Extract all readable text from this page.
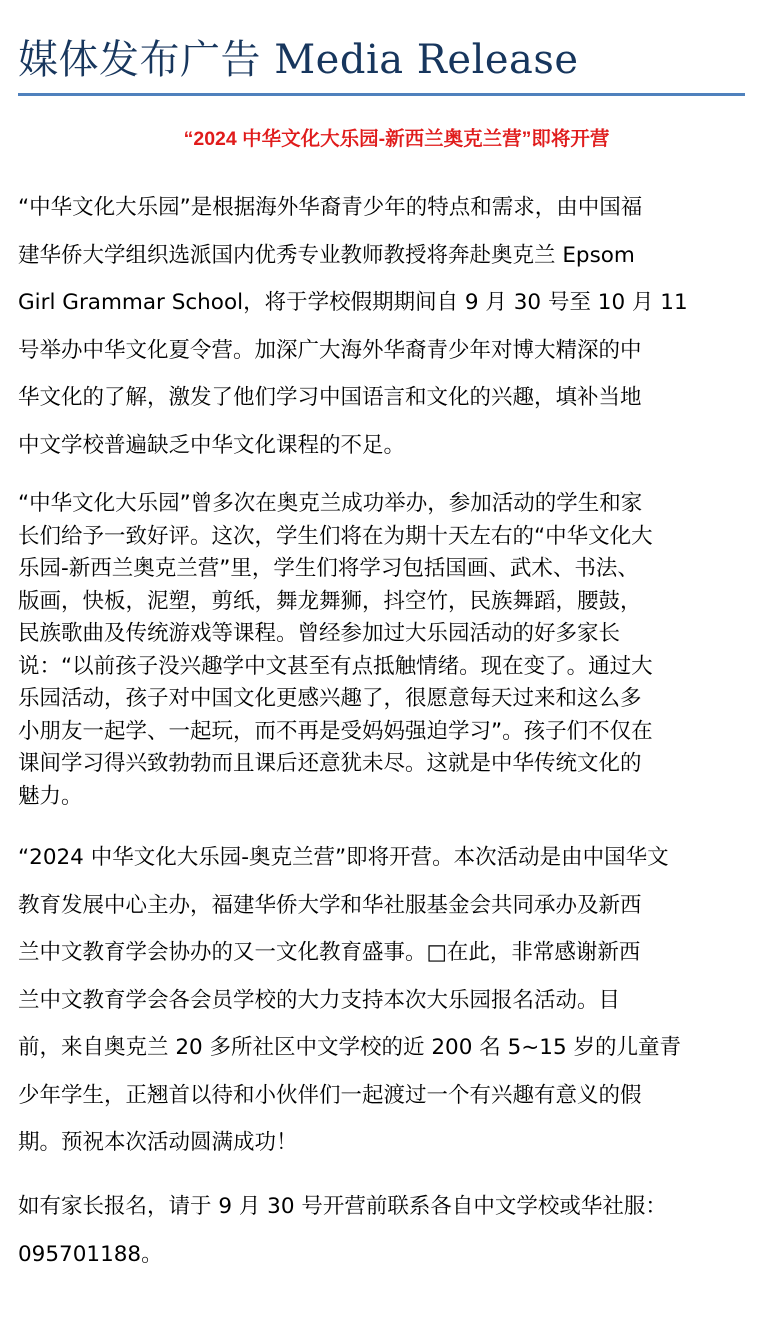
媒体发布广告 Media Release
“2024 中华文化大乐园-新西兰奥克兰营”即将开营
“中华文化大乐园”是根据海外华裔青少年的特点和需求，由中国福
建华侨大学组织选派国内优秀专业教师教授将奔赴奥克兰 Epsom
Girl Grammar School，将于学校假期期间自 9 月 30 号至 10 月 11
号举办中华文化夏令营。加深广大海外华裔青少年对博大精深的中
华文化的了解，激发了他们学习中国语言和文化的兴趣，填补当地
中文学校普遍缺乏中华文化课程的不足。
“中华文化大乐园”曾多次在奥克兰成功举办，参加活动的学生和家
长们给予一致好评。这次，学生们将在为期十天左右的“中华文化大
乐园-新西兰奥克兰营”里，学生们将学习包括国画、武术、书法、
版画，快板，泥塑，剪纸，舞龙舞狮，抖空竹，民族舞蹈，腰鼓，
民族歌曲及传统游戏等课程。曾经参加过大乐园活动的好多家长
说：“以前孩子没兴趣学中文甚至有点抵触情绪。现在变了。通过大
乐园活动，孩子对中国文化更感兴趣了，很愿意每天过来和这么多
小朋友一起学、一起玩，而不再是受妈妈强迫学习”。孩子们不仅在
课间学习得兴致勃勃而且课后还意犹未尽。这就是中华传统文化的
魅力。
“2024 中华文化大乐园-奥克兰营”即将开营。本次活动是由中国华文
教育发展中心主办，福建华侨大学和华社服基金会共同承办及新西
兰中文教育学会协办的又一文化教育盛事。□在此，非常感谢新西
兰中文教育学会各会员学校的大力支持本次大乐园报名活动。目
前，来自奥克兰 20 多所社区中文学校的近 200 名 5~15 岁的儿童青
少年学生，正翘首以待和小伙伴们一起渡过一个有兴趣有意义的假
期。预祝本次活动圆满成功！
如有家长报名，请于 9 月 30 号开营前联系各自中文学校或华社服：
095701188。
